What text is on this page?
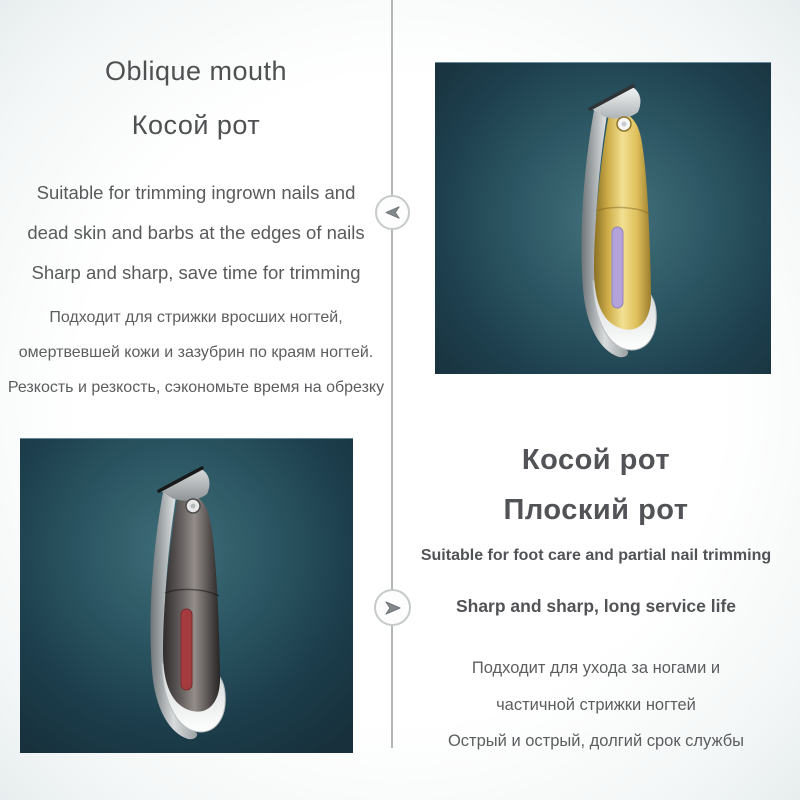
Oblique mouth
Косой рот
Suitable for trimming ingrown nails and
dead skin and barbs at the edges of nails
Sharp and sharp, save time for trimming
Подходит для стрижки вросших ногтей,
омертвевшей кожи и зазубрин по краям ногтей.
Резкость и резкость, сэкономьте время на обрезку
Косой рот
Плоский рот
Suitable for foot care and partial nail trimming
Sharp and sharp, long service life
Подходит для ухода за ногами и
частичной стрижки ногтей
Острый и острый, долгий срок службы
